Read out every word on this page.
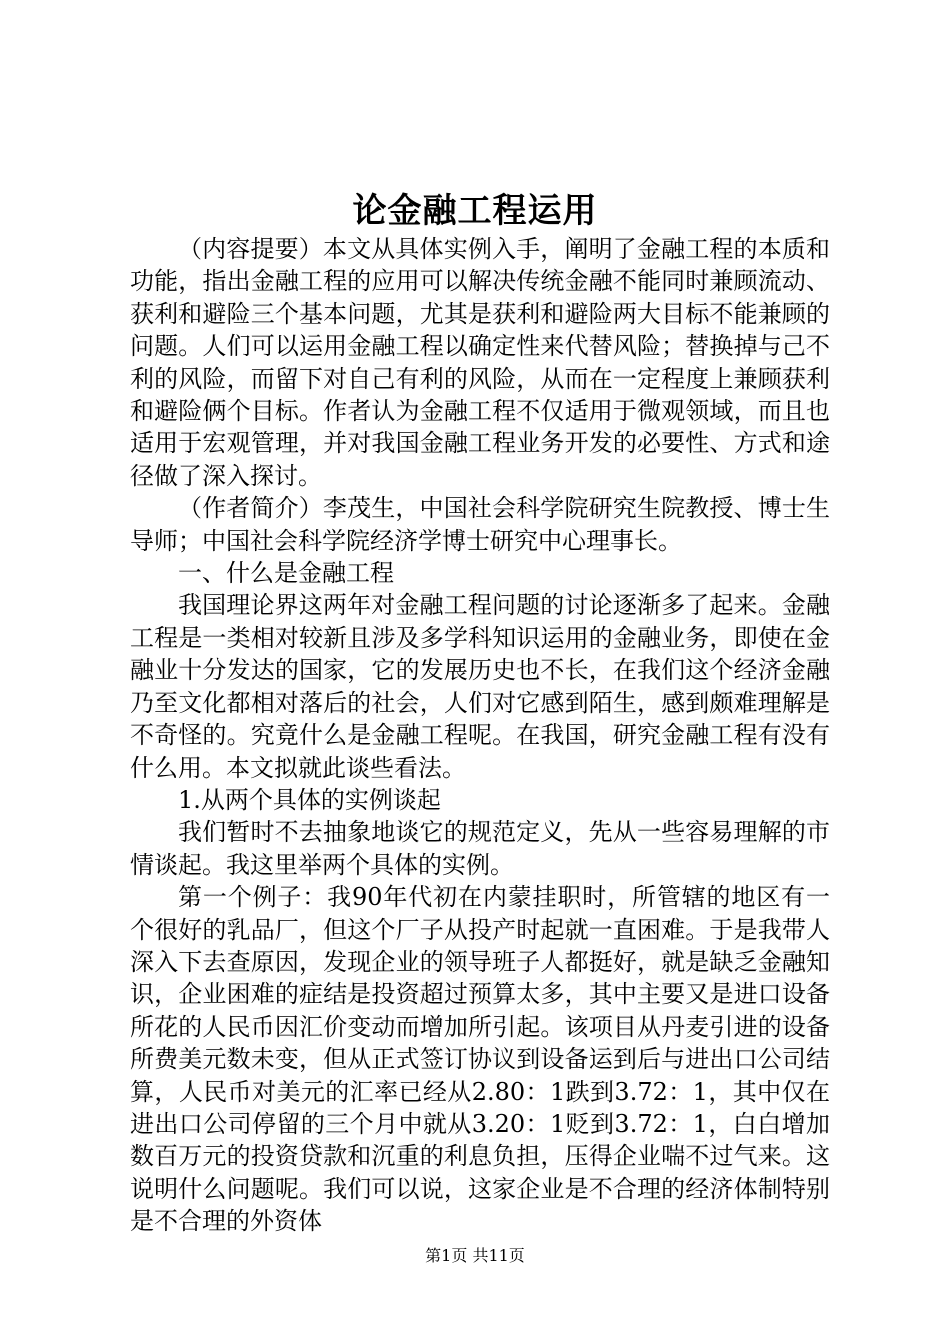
论金融工程运用

（内容提要）本文从具体实例入手，阐明了金融工程的本质和功能，指出金融工程的应用可以解决传统金融不能同时兼顾流动、获利和避险三个基本问题，尤其是获利和避险两大目标不能兼顾的问题。人们可以运用金融工程以确定性来代替风险；替换掉与己不利的风险，而留下对自己有利的风险，从而在一定程度上兼顾获利和避险俩个目标。作者认为金融工程不仅适用于微观领域，而且也适用于宏观管理，并对我国金融工程业务开发的必要性、方式和途径做了深入探讨。

（作者简介）李茂生，中国社会科学院研究生院教授、博士生导师；中国社会科学院经济学博士研究中心理事长。

一、什么是金融工程

我国理论界这两年对金融工程问题的讨论逐渐多了起来。金融工程是一类相对较新且涉及多学科知识运用的金融业务，即使在金融业十分发达的国家，它的发展历史也不长，在我们这个经济金融乃至文化都相对落后的社会，人们对它感到陌生，感到颇难理解是不奇怪的。究竟什么是金融工程呢。在我国，研究金融工程有没有什么用。本文拟就此谈些看法。

1.从两个具体的实例谈起

我们暂时不去抽象地谈它的规范定义，先从一些容易理解的市情谈起。我这里举两个具体的实例。

第一个例子：我90年代初在内蒙挂职时，所管辖的地区有一个很好的乳品厂，但这个厂子从投产时起就一直困难。于是我带人深入下去查原因，发现企业的领导班子人都挺好，就是缺乏金融知识，企业困难的症结是投资超过预算太多，其中主要又是进口设备所花的人民币因汇价变动而增加所引起。该项目从丹麦引进的设备所费美元数未变，但从正式签订协议到设备运到后与进出口公司结算，人民币对美元的汇率已经从2.80：1跌到3.72：1，其中仅在进出口公司停留的三个月中就从3.20：1贬到3.72：1，白白增加数百万元的投资贷款和沉重的利息负担，压得企业喘不过气来。这说明什么问题呢。我们可以说，这家企业是不合理的经济体制特别是不合理的外资体

第1页 共11页
